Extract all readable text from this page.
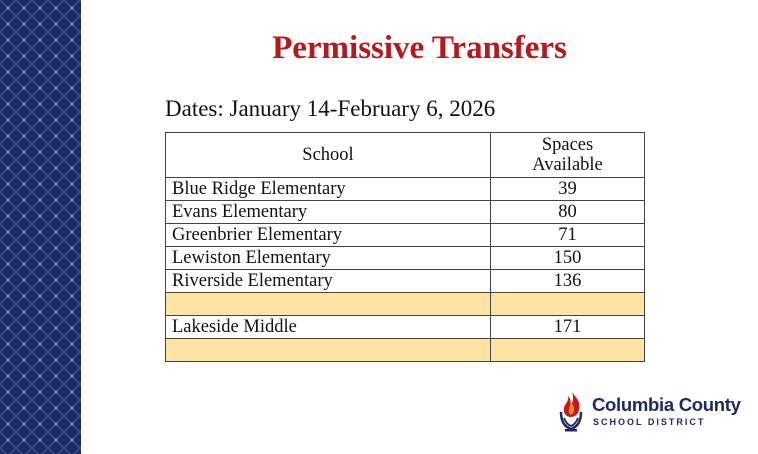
Permissive Transfers
Dates: January 14-February 6, 2026
School	Spaces
Available
Blue Ridge Elementary	39
Evans Elementary	80
Greenbrier Elementary	71
Lewiston Elementary	150
Riverside Elementary	136

Lakeside Middle	171

Columbia County
SCHOOL DISTRICT
